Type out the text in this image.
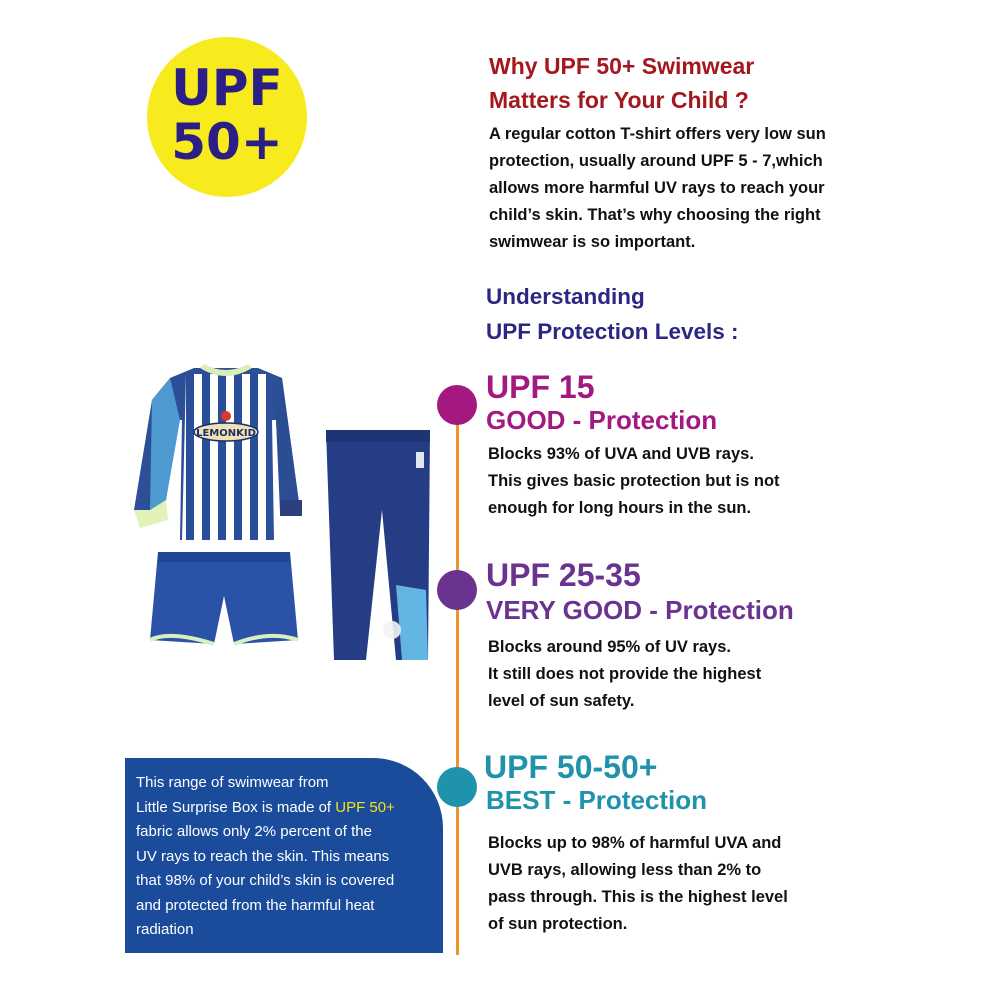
UPF
50+
Why UPF 50+ Swimwear
Matters for Your Child ?
A regular cotton T-shirt offers very low sun
protection, usually around UPF 5 - 7,which
allows more harmful UV rays to reach your
child’s skin. That’s why choosing the right
swimwear is so important.
Understanding
UPF Protection Levels :
UPF 15
GOOD - Protection
Blocks 93% of UVA and UVB rays.
This gives basic protection but is not
enough for long hours in the sun.
UPF 25-35
VERY GOOD - Protection
Blocks around 95% of UV rays.
It still does not provide the highest
level of sun safety.
UPF 50-50+
BEST - Protection
Blocks up to 98% of harmful UVA and
UVB rays, allowing less than 2% to
pass through. This is the highest level
of sun protection.
LEMONKID
This range of swimwear from
Little Surprise Box is made of UPF 50+
fabric allows only 2% percent of the
UV rays to reach the skin. This means
that 98% of your child’s skin is covered
and protected from the harmful heat
radiation
